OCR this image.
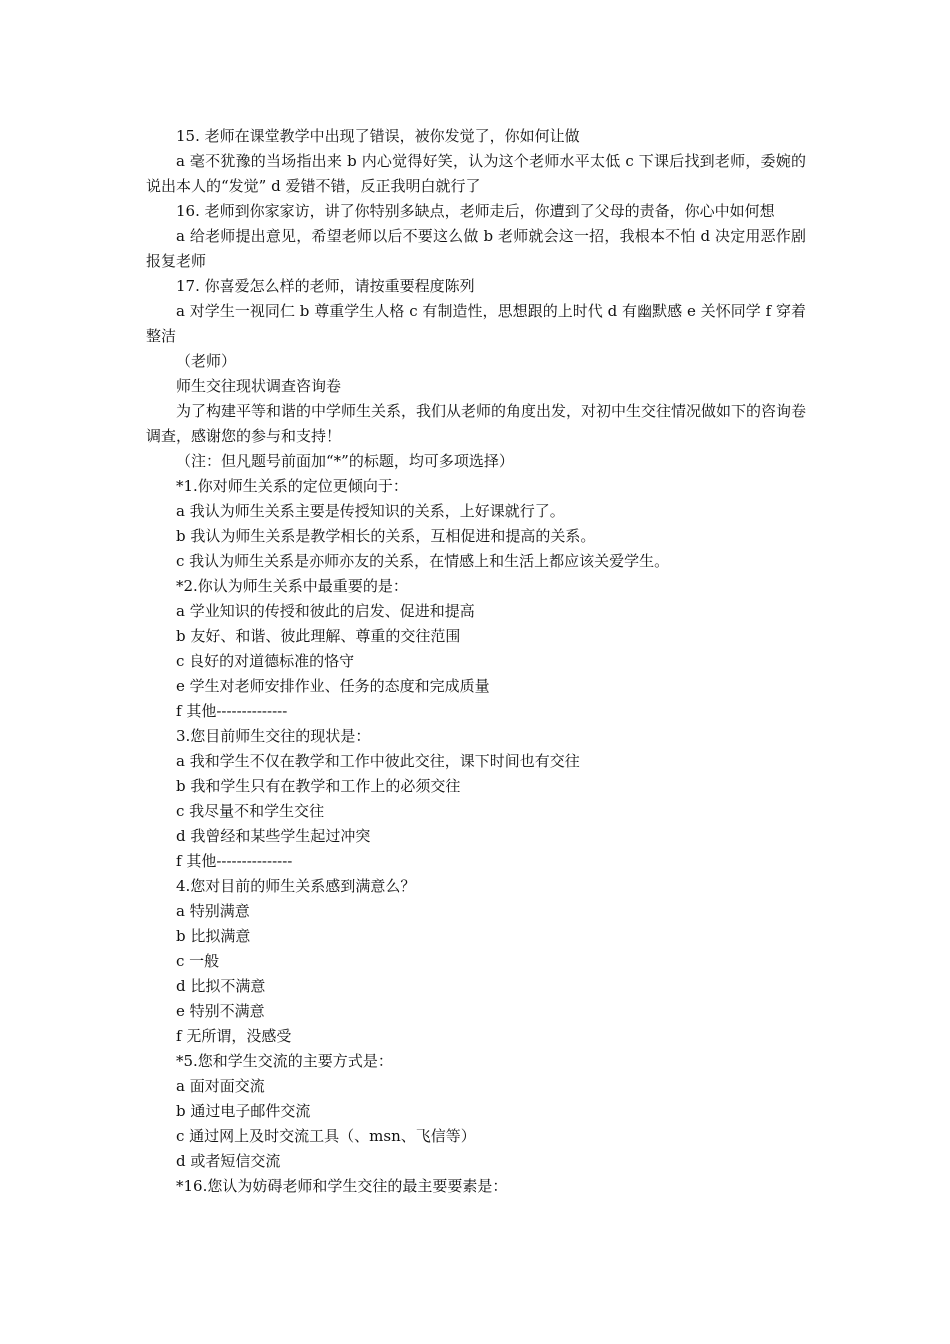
15. 老师在课堂教学中出现了错误，被你发觉了，你如何让做

a 毫不犹豫的当场指出来 b 内心觉得好笑，认为这个老师水平太低 c 下课后找到老师，委婉的说出本人的“发觉” d 爱错不错，反正我明白就行了

16. 老师到你家家访，讲了你特别多缺点，老师走后，你遭到了父母的责备，你心中如何想

a 给老师提出意见，希望老师以后不要这么做 b 老师就会这一招，我根本不怕 d 决定用恶作剧报复老师

17. 你喜爱怎么样的老师，请按重要程度陈列

a 对学生一视同仁 b 尊重学生人格 c 有制造性，思想跟的上时代 d 有幽默感 e 关怀同学 f 穿着整洁

（老师）

师生交往现状调查咨询卷

为了构建平等和谐的中学师生关系，我们从老师的角度出发，对初中生交往情况做如下的咨询卷调查，感谢您的参与和支持！

（注：但凡题号前面加“*”的标题，均可多项选择）

*1.你对师生关系的定位更倾向于：

a 我认为师生关系主要是传授知识的关系，上好课就行了。

b 我认为师生关系是教学相长的关系，互相促进和提高的关系。

c 我认为师生关系是亦师亦友的关系，在情感上和生活上都应该关爱学生。

*2.你认为师生关系中最重要的是：

a 学业知识的传授和彼此的启发、促进和提高

b 友好、和谐、彼此理解、尊重的交往范围

c 良好的对道德标准的恪守

e 学生对老师安排作业、任务的态度和完成质量

f 其他--------------

3.您目前师生交往的现状是：

a 我和学生不仅在教学和工作中彼此交往，课下时间也有交往

b 我和学生只有在教学和工作上的必须交往

c 我尽量不和学生交往

d 我曾经和某些学生起过冲突

f 其他---------------

4.您对目前的师生关系感到满意么？

a 特别满意

b 比拟满意

c 一般

d 比拟不满意

e 特别不满意

f 无所谓，没感受

*5.您和学生交流的主要方式是：

a 面对面交流

b 通过电子邮件交流

c 通过网上及时交流工具（、msn、飞信等）

d 或者短信交流

*16.您认为妨碍老师和学生交往的最主要要素是：
